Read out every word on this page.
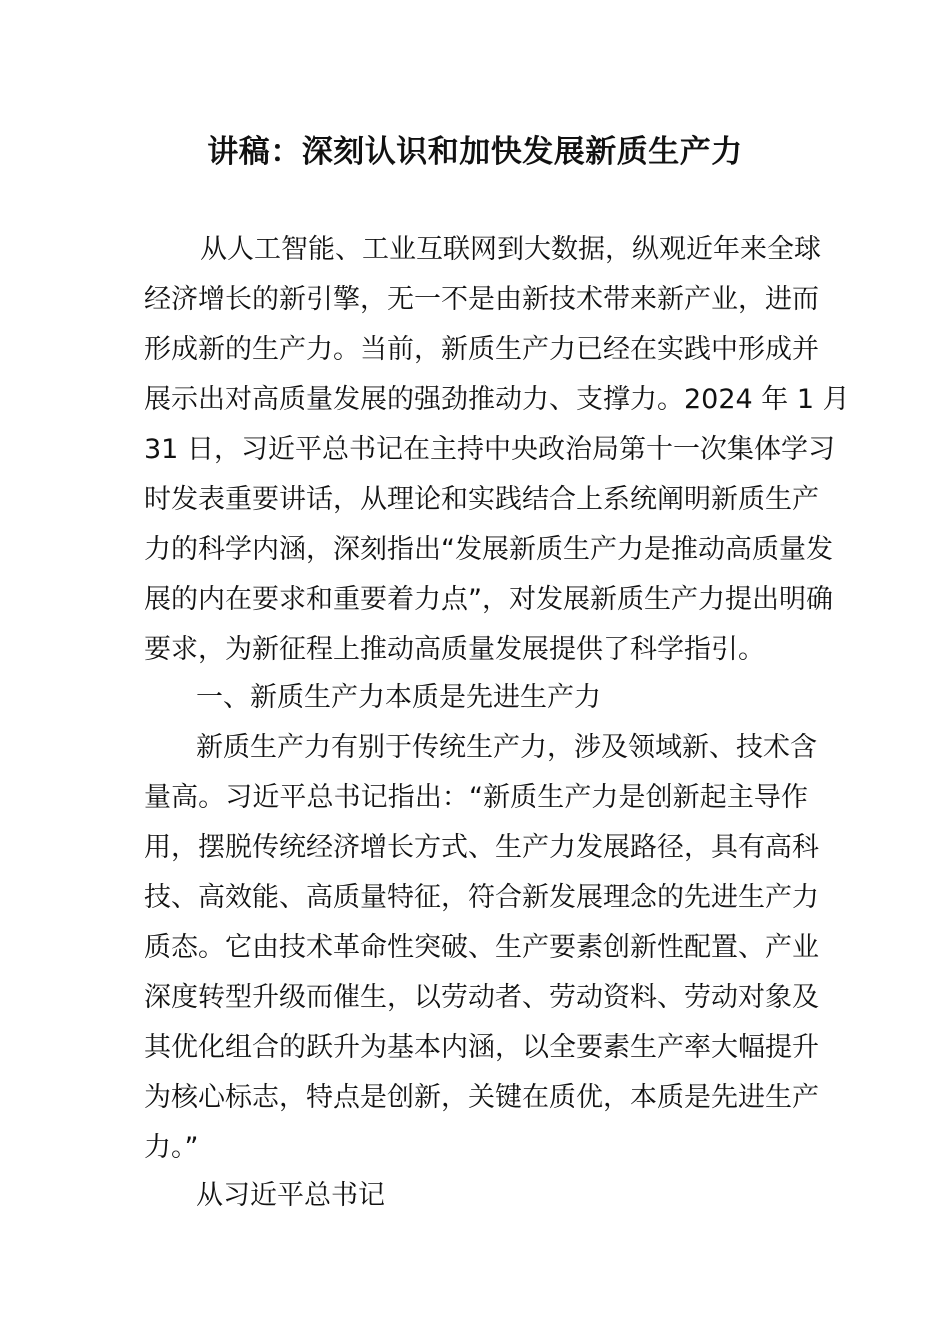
讲稿：深刻认识和加快发展新质生产力
从人工智能、工业互联网到大数据，纵观近年来全球
经济增长的新引擎，无一不是由新技术带来新产业，进而
形成新的生产力。当前，新质生产力已经在实践中形成并
展示出对高质量发展的强劲推动力、支撑力。2024 年 1 月
31 日，习近平总书记在主持中央政治局第十一次集体学习
时发表重要讲话，从理论和实践结合上系统阐明新质生产
力的科学内涵，深刻指出“发展新质生产力是推动高质量发
展的内在要求和重要着力点”，对发展新质生产力提出明确
要求，为新征程上推动高质量发展提供了科学指引。
一、新质生产力本质是先进生产力
新质生产力有别于传统生产力，涉及领域新、技术含
量高。习近平总书记指出：“新质生产力是创新起主导作
用，摆脱传统经济增长方式、生产力发展路径，具有高科
技、高效能、高质量特征，符合新发展理念的先进生产力
质态。它由技术革命性突破、生产要素创新性配置、产业
深度转型升级而催生，以劳动者、劳动资料、劳动对象及
其优化组合的跃升为基本内涵，以全要素生产率大幅提升
为核心标志，特点是创新，关键在质优，本质是先进生产
力。”
从习近平总书记
